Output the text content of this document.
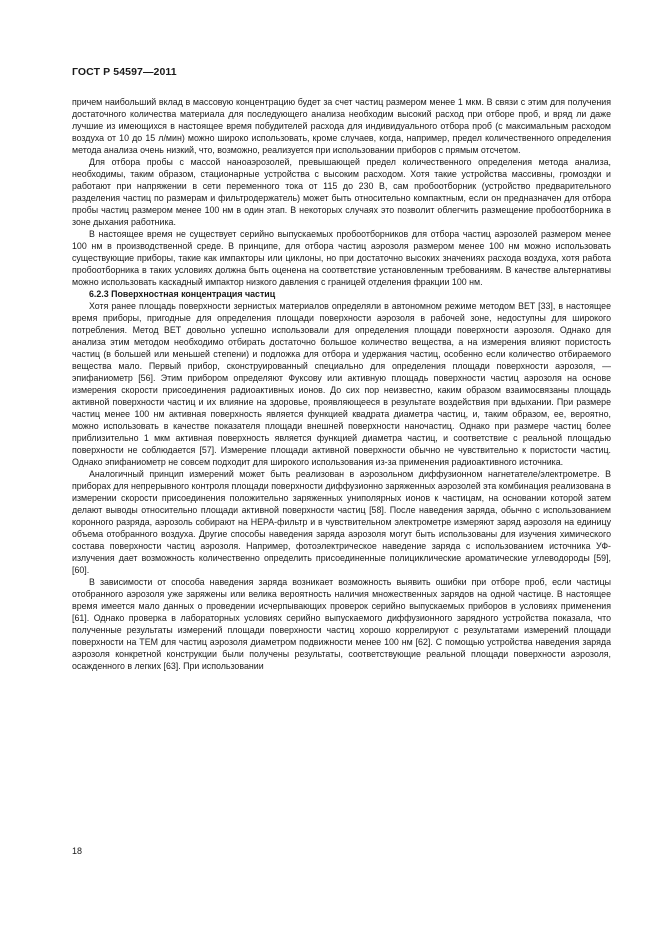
ГОСТ Р 54597—2011

причем наибольший вклад в массовую концентрацию будет за счет частиц размером менее 1 мкм. В связи с этим для получения достаточного количества материала для последующего анализа необходим высокий расход при отборе проб, и вряд ли даже лучшие из имеющихся в настоящее время побудителей расхода для индивидуального отбора проб (с максимальным расходом воздуха от 10 до 15 л/мин) можно широко использовать, кроме случаев, когда, например, предел количественного определения метода анализа очень низкий, что, возможно, реализуется при использовании приборов с прямым отсчетом.

Для отбора пробы с массой наноаэрозолей, превышающей предел количественного определения метода анализа, необходимы, таким образом, стационарные устройства с высоким расходом. Хотя такие устройства массивны, громоздки и работают при напряжении в сети переменного тока от 115 до 230 В, сам пробоотборник (устройство предварительного разделения частиц по размерам и фильтродержатель) может быть относительно компактным, если он предназначен для отбора пробы частиц размером менее 100 нм в один этап. В некоторых случаях это позволит облегчить размещение пробоотборника в зоне дыхания работника.

В настоящее время не существует серийно выпускаемых пробоотборников для отбора частиц аэрозолей размером менее 100 нм в производственной среде. В принципе, для отбора частиц аэрозоля размером менее 100 нм можно использовать существующие приборы, такие как импакторы или циклоны, но при достаточно высоких значениях расхода воздуха, хотя работа пробоотборника в таких условиях должна быть оценена на соответствие установленным требованиям. В качестве альтернативы можно использовать каскадный импактор низкого давления с границей отделения фракции 100 нм.

6.2.3 Поверхностная концентрация частиц

Хотя ранее площадь поверхности зернистых материалов определяли в автономном режиме методом BET [33], в настоящее время приборы, пригодные для определения площади поверхности аэрозоля в рабочей зоне, недоступны для широкого потребления. Метод BET довольно успешно использовали для определения площади поверхности аэрозоля. Однако для анализа этим методом необходимо отбирать достаточно большое количество вещества, а на измерения влияют пористость частиц (в большей или меньшей степени) и подложка для отбора и удержания частиц, особенно если количество отбираемого вещества мало. Первый прибор, сконструированный специально для определения площади поверхности аэрозоля, — эпифаниометр [56]. Этим прибором определяют Фуксову или активную площадь поверхности частиц аэрозоля на основе измерения скорости присоединения радиоактивных ионов. До сих пор неизвестно, каким образом взаимосвязаны площадь активной поверхности частиц и их влияние на здоровье, проявляющееся в результате воздействия при вдыхании. При размере частиц менее 100 нм активная поверхность является функцией квадрата диаметра частиц, и, таким образом, ее, вероятно, можно использовать в качестве показателя площади внешней поверхности наночастиц. Однако при размере частиц более приблизительно 1 мкм активная поверхность является функцией диаметра частиц, и соответствие с реальной площадью поверхности не соблюдается [57]. Измерение площади активной поверхности обычно не чувствительно к пористости частиц. Однако эпифаниометр не совсем подходит для широкого использования из-за применения радиоактивного источника.

Аналогичный принцип измерений может быть реализован в аэрозольном диффузионном нагнетателе/электрометре. В приборах для непрерывного контроля площади поверхности диффузионно заряженных аэрозолей эта комбинация реализована в измерении скорости присоединения положительно заряженных униполярных ионов к частицам, на основании которой затем делают выводы относительно площади активной поверхности частиц [58]. После наведения заряда, обычно с использованием коронного разряда, аэрозоль собирают на НЕРА-фильтр и в чувствительном электрометре измеряют заряд аэрозоля на единицу объема отобранного воздуха. Другие способы наведения заряда аэрозоля могут быть использованы для изучения химического состава поверхности частиц аэрозоля. Например, фотоэлектрическое наведение заряда с использованием источника УФ-излучения дает возможность количественно определить присоединенные полициклические ароматические углеводороды [59], [60].

В зависимости от способа наведения заряда возникает возможность выявить ошибки при отборе проб, если частицы отобранного аэрозоля уже заряжены или велика вероятность наличия множественных зарядов на одной частице. В настоящее время имеется мало данных о проведении исчерпывающих проверок серийно выпускаемых приборов в условиях применения [61]. Однако проверка в лабораторных условиях серийно выпускаемого диффузионного зарядного устройства показала, что полученные результаты измерений площади поверхности частиц хорошо коррелируют с результатами измерений площади поверхности на ТЕМ для частиц аэрозоля диаметром подвижности менее 100 нм [62]. С помощью устройства наведения заряда аэрозоля конкретной конструкции были получены результаты, соответствующие реальной площади поверхности аэрозоля, осажденного в легких [63]. При использовании

18
